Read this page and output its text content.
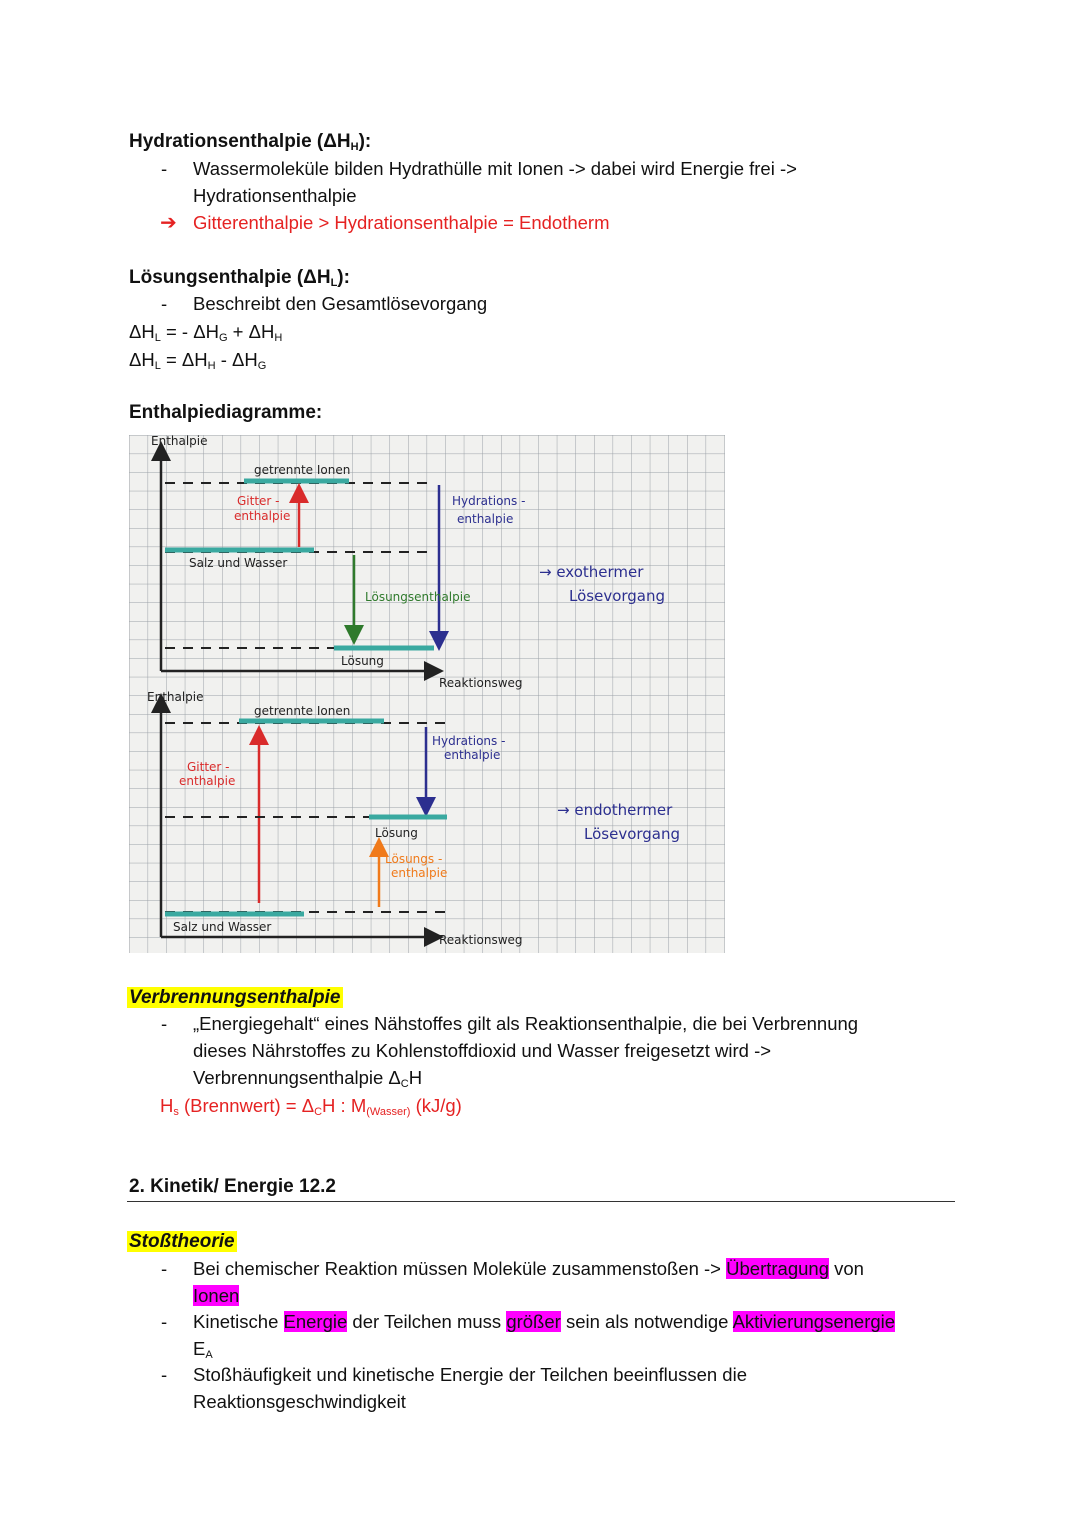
Hydrationsenthalpie $(\Delta H_H)$:
- Wassermoleküle bilden Hydrathülle mit Ionen -> dabei wird Energie frei ->
Hydrationsenthalpie
➔ Gitterenthalpie > Hydrationsenthalpie = Endotherm
Lösungsenthalpie $(\Delta H_L)$:
- Beschreibt den Gesamtlösevorgang
$\Delta H_L$ = - $\Delta H_G + \Delta H_H$
$\Delta H_L = \Delta H_H - \Delta H_G$
Enthalpiediagramme:
Enthalpie
Reaktionsweg
getrennte Ionen
Salz und Wasser
Gitter -
enthalpie
Hydrations -
enthalpie
Lösungsenthalpie
Lösung
→ exothermer
Lösevorgang
Enthalpie
Reaktionsweg
getrennte Ionen
Gitter -
enthalpie
Hydrations -
enthalpie
Lösung
Lösungs -
enthalpie
Salz und Wasser
→ endothermer
Lösevorgang
Verbrennungsenthalpie
- „Energiegehalt“ eines Nähstoffes gilt als Reaktionsenthalpie, die bei Verbrennung
dieses Nährstoffes zu Kohlenstoffdioxid und Wasser freigesetzt wird ->
Verbrennungsenthalpie $\Delta_CH$
$H_s$ (Brennwert) = $\Delta_CH$ : $M_{(Wasser)}$ (kJ/g)
2. Kinetik/ Energie 12.2
Stoßtheorie
- Bei chemischer Reaktion müssen Moleküle zusammenstoßen -> Übertragung von
Ionen
- Kinetische Energie der Teilchen muss größer sein als notwendige Aktivierungsenergie
$E_A$
- Stoßhäufigkeit und kinetische Energie der Teilchen beeinflussen die
Reaktionsgeschwindigkeit
